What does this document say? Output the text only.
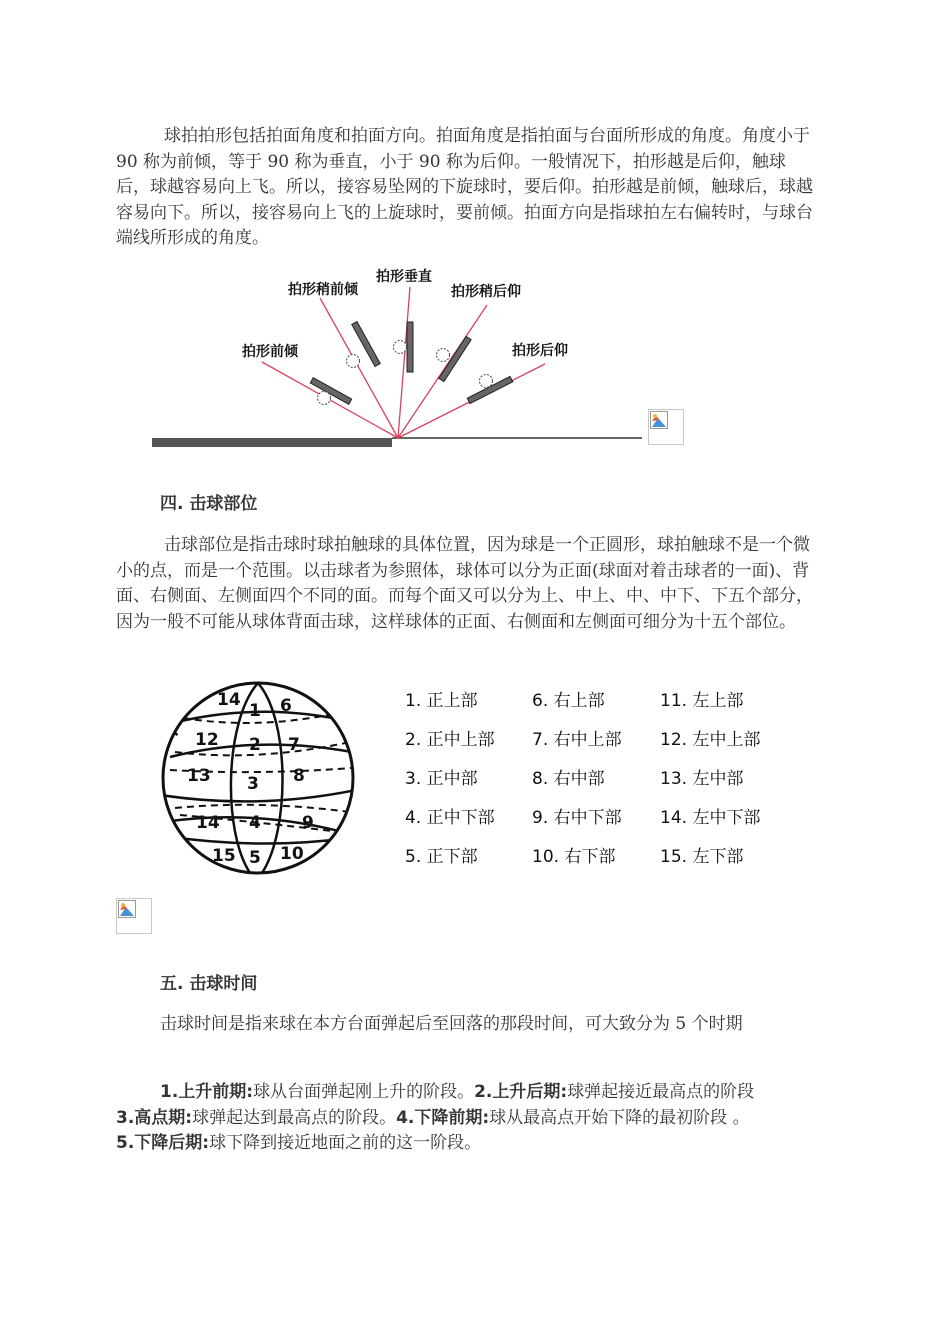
球拍拍形包括拍面角度和拍面方向。拍面角度是指拍面与台面所形成的角度。角度小于 90 称为前倾，等于 90 称为垂直，小于 90 称为后仰。一般情况下，拍形越是后仰，触球后，球越容易向上飞。所以，接容易坠网的下旋球时，要后仰。拍形越是前倾，触球后，球越容易向下。所以，接容易向上飞的上旋球时，要前倾。拍面方向是指球拍左右偏转时，与球台端线所形成的角度。

拍形前倾
拍形稍前倾
拍形垂直
拍形稍后仰
拍形后仰

四. 击球部位

击球部位是指击球时球拍触球的具体位置，因为球是一个正圆形，球拍触球不是一个微小的点，而是一个范围。以击球者为参照体，球体可以分为正面(球面对着击球者的一面)、背面、右侧面、左侧面四个不同的面。而每个面又可以分为上、中上、中、中下、下五个部分，因为一般不可能从球体背面击球，这样球体的正面、右侧面和左侧面可细分为十五个部位。

14
1 6
12 2 7
13 3 8
14 4 9
15 5 10
1. 正上部
2. 正中上部
3. 正中部
4. 正中下部
5. 正下部
6. 右上部
7. 右中上部
8. 右中部
9. 右中下部
10. 右下部
11. 左上部
12. 左中上部
13. 左中部
14. 左中下部
15. 左下部

五. 击球时间

击球时间是指来球在本方台面弹起后至回落的那段时间，可大致分为 5 个时期

1.上升前期:球从台面弹起刚上升的阶段。2.上升后期:球弹起接近最高点的阶段
3.高点期:球弹起达到最高点的阶段。4.下降前期:球从最高点开始下降的最初阶段 。
5.下降后期:球下降到接近地面之前的这一阶段。
